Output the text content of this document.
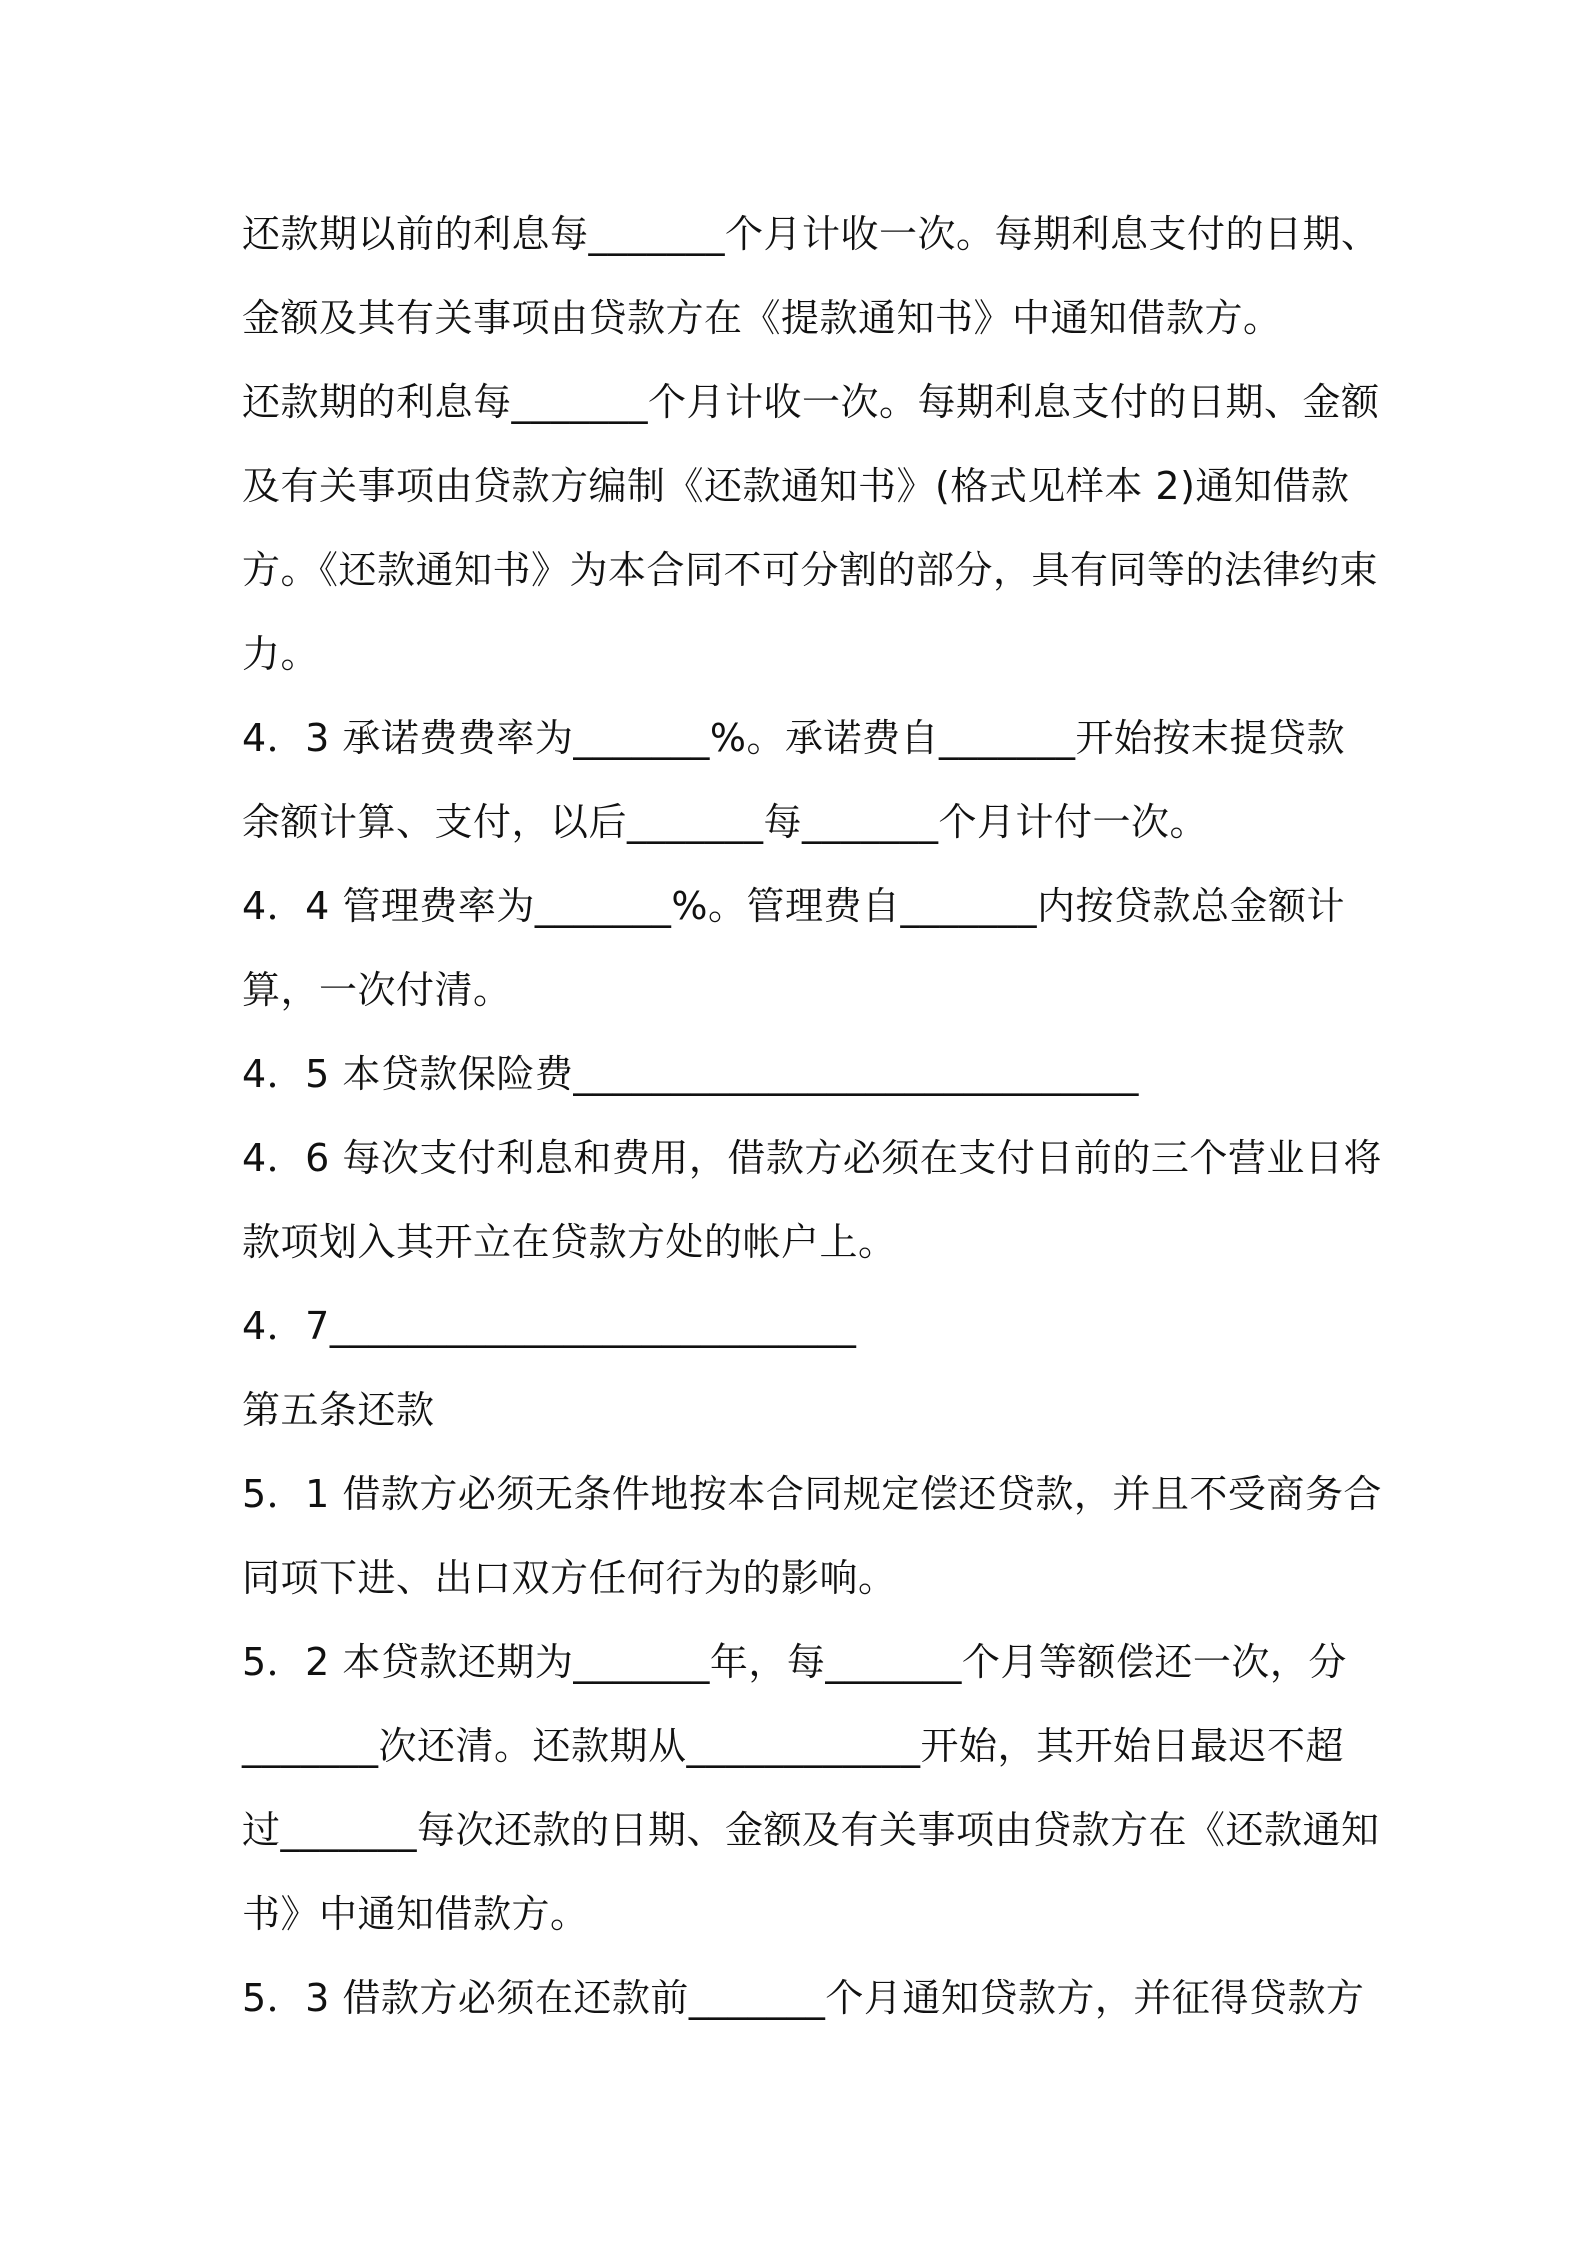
还款期以前的利息每_______个月计收一次。每期利息支付的日期、
金额及其有关事项由贷款方在《提款通知书》中通知借款方。
还款期的利息每_______个月计收一次。每期利息支付的日期、金额
及有关事项由贷款方编制《还款通知书》(格式见样本 2)通知借款
方。《还款通知书》为本合同不可分割的部分，具有同等的法律约束
力。
4．3 承诺费费率为_______%。承诺费自_______开始按末提贷款
余额计算、支付，以后_______每_______个月计付一次。
4．4 管理费率为_______%。管理费自_______内按贷款总金额计
算，一次付清。
4．5 本贷款保险费_____________________________
4．6 每次支付利息和费用，借款方必须在支付日前的三个营业日将
款项划入其开立在贷款方处的帐户上。
4．7___________________________
第五条还款
5．1 借款方必须无条件地按本合同规定偿还贷款，并且不受商务合
同项下进、出口双方任何行为的影响。
5．2 本贷款还期为_______年，每_______个月等额偿还一次，分
_______次还清。还款期从____________开始，其开始日最迟不超
过_______每次还款的日期、金额及有关事项由贷款方在《还款通知
书》中通知借款方。
5．3 借款方必须在还款前_______个月通知贷款方，并征得贷款方
